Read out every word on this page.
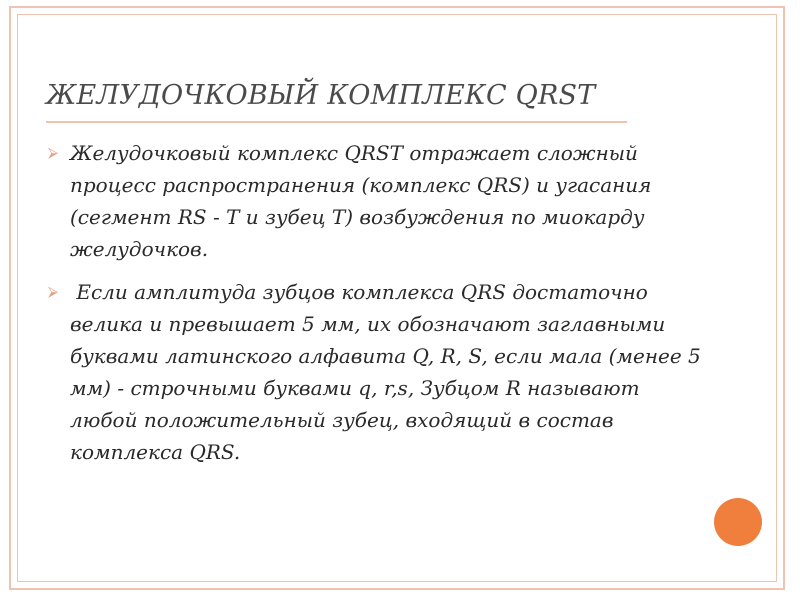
ЖЕЛУДОЧКОВЫЙ КОМПЛЕКС QRST
⮚ Желудочковый комплекс QRST отражает сложный
процесс распространения (комплекс QRS) и угасания
(сегмент RS - T и зубец T) возбуждения по миокарду
желудочков.
⮚ Если амплитуда зубцов комплекса QRS достаточно
велика и превышает 5 мм, их обозначают заглавными
буквами латинского алфавита Q, R, S, если мала (менее 5
мм) - строчными буквами q, r,s, Зубцом R называют
любой положительный зубец, входящий в состав
комплекса QRS.
